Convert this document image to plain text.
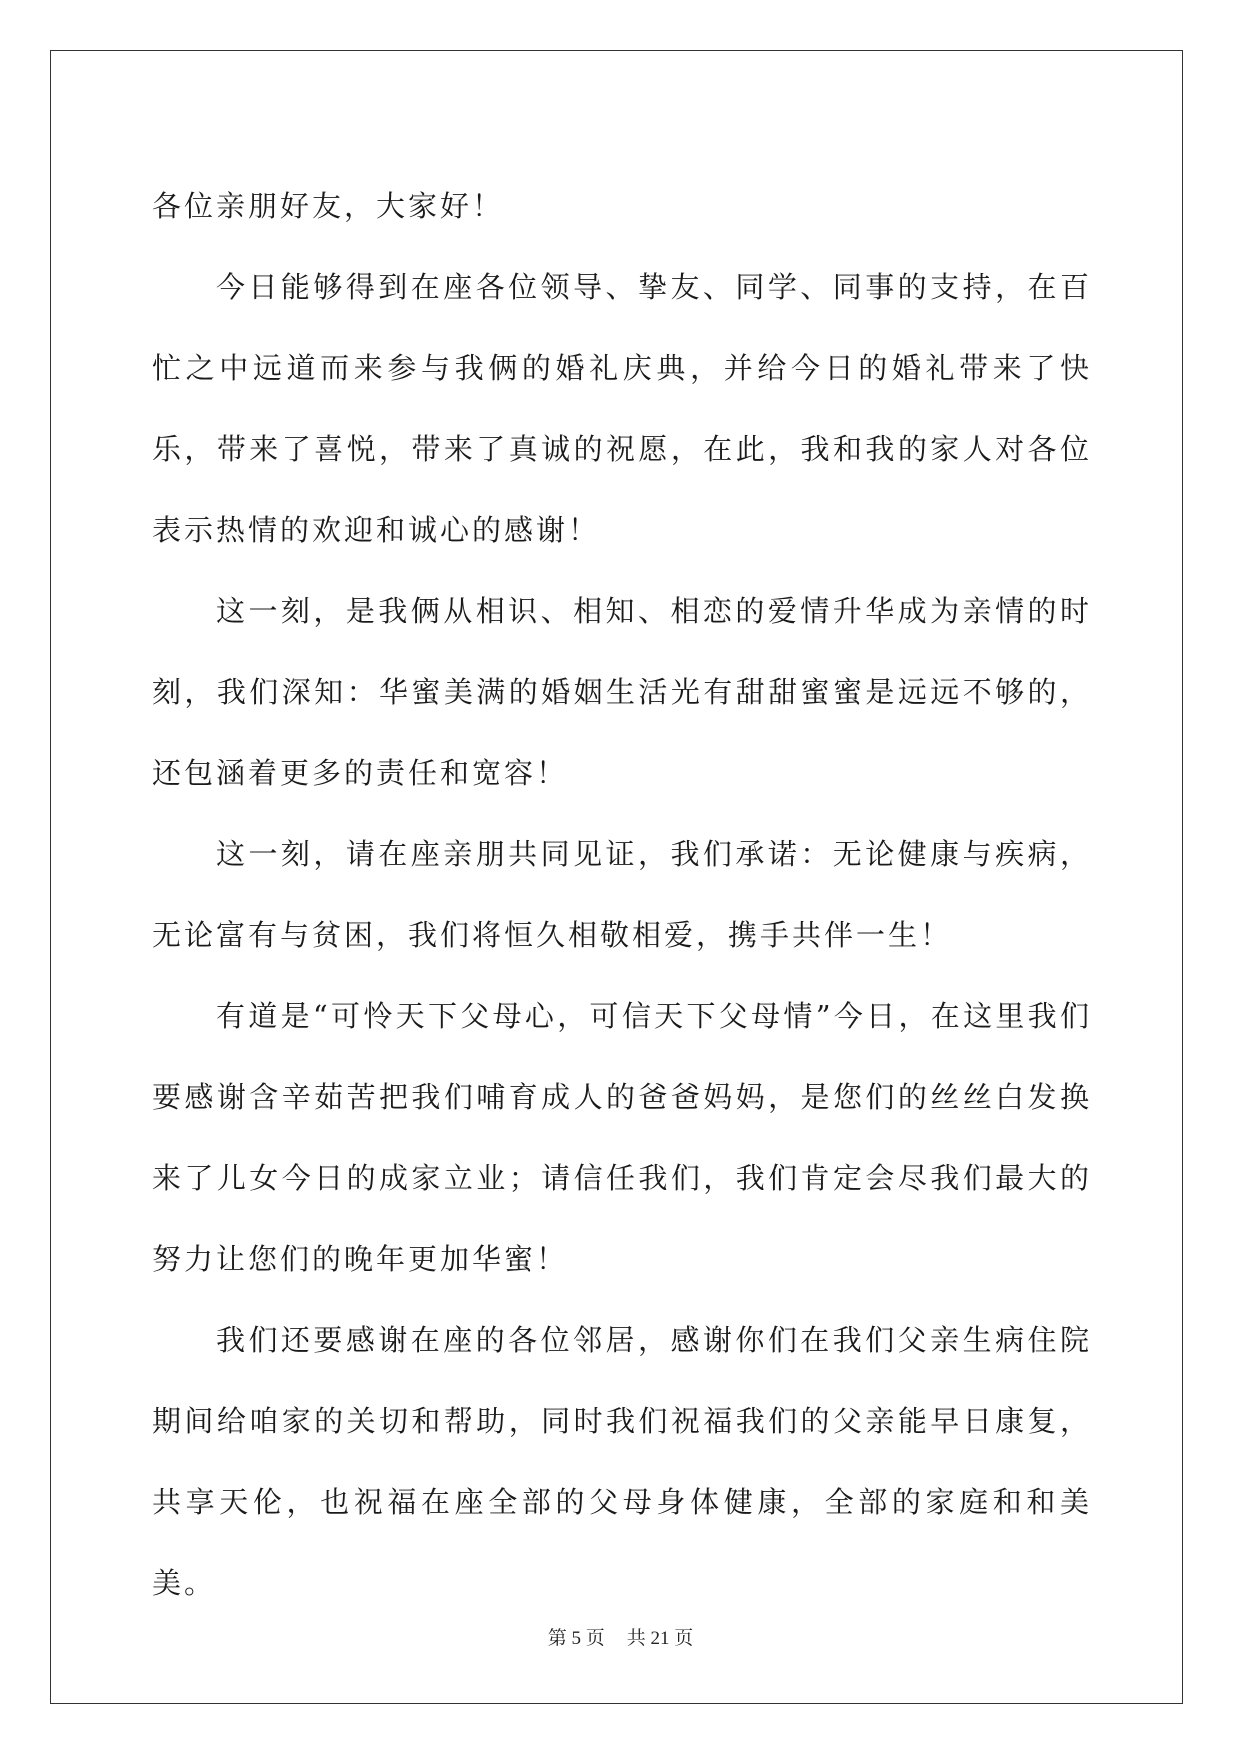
各位亲朋好友，大家好！

今日能够得到在座各位领导、挚友、同学、同事的支持，在百忙之中远道而来参与我俩的婚礼庆典，并给今日的婚礼带来了快乐，带来了喜悦，带来了真诚的祝愿，在此，我和我的家人对各位表示热情的欢迎和诚心的感谢！

这一刻，是我俩从相识、相知、相恋的爱情升华成为亲情的时刻，我们深知：华蜜美满的婚姻生活光有甜甜蜜蜜是远远不够的，还包涵着更多的责任和宽容！

这一刻，请在座亲朋共同见证，我们承诺：无论健康与疾病，无论富有与贫困，我们将恒久相敬相爱，携手共伴一生！

有道是“可怜天下父母心，可信天下父母情”今日，在这里我们要感谢含辛茹苦把我们哺育成人的爸爸妈妈，是您们的丝丝白发换来了儿女今日的成家立业；请信任我们，我们肯定会尽我们最大的努力让您们的晚年更加华蜜！

我们还要感谢在座的各位邻居，感谢你们在我们父亲生病住院期间给咱家的关切和帮助，同时我们祝福我们的父亲能早日康复，共享天伦，也祝福在座全部的父母身体健康，全部的家庭和和美美。

第 5 页 共 21 页
